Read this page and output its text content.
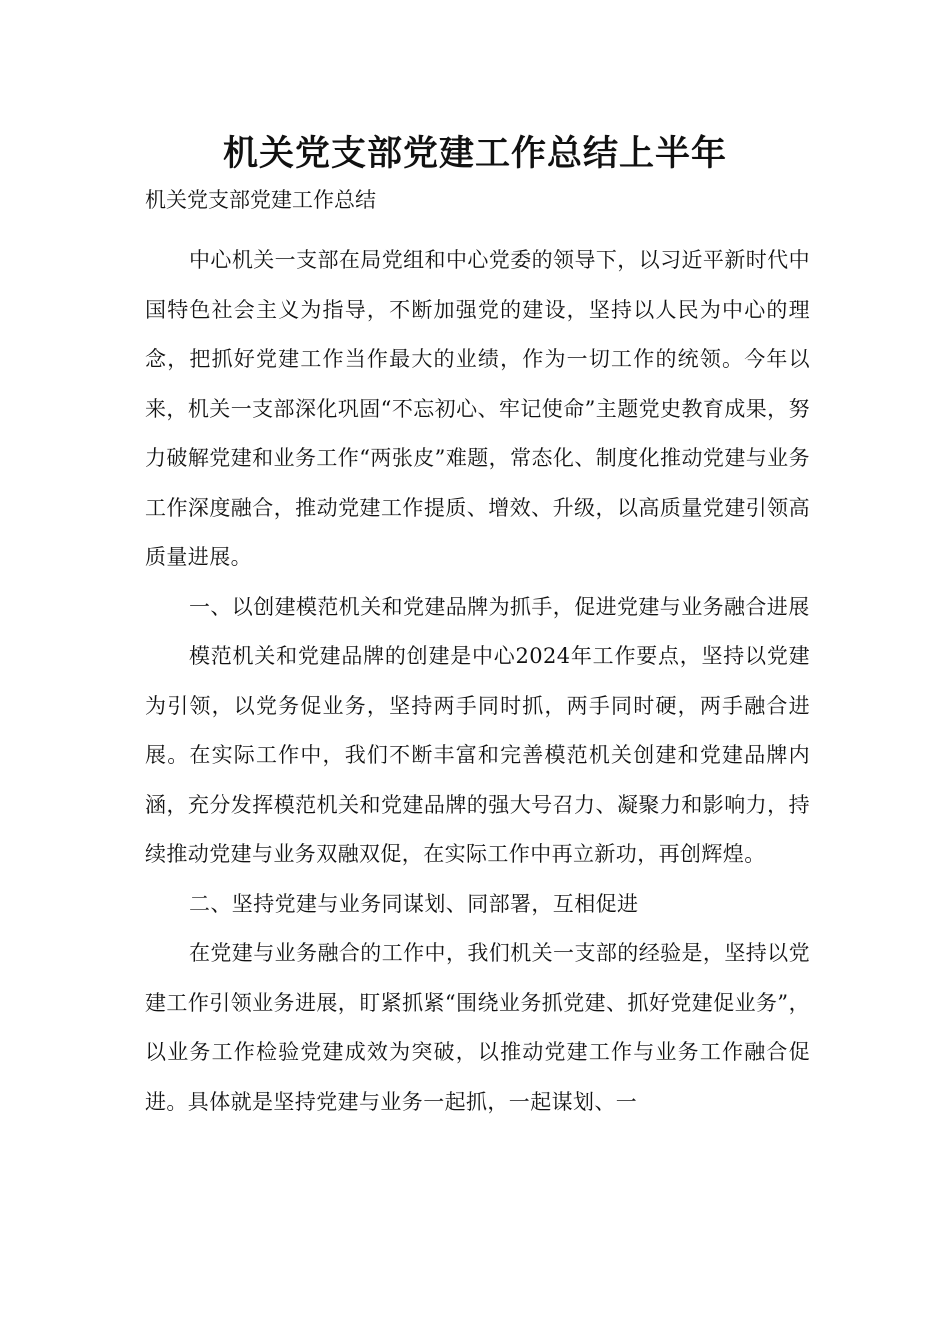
机关党支部党建工作总结上半年

机关党支部党建工作总结

中心机关一支部在局党组和中心党委的领导下，以习近平新时代中国特色社会主义为指导，不断加强党的建设，坚持以人民为中心的理念，把抓好党建工作当作最大的业绩，作为一切工作的统领。今年以来，机关一支部深化巩固“不忘初心、牢记使命”主题党史教育成果，努力破解党建和业务工作“两张皮”难题，常态化、制度化推动党建与业务工作深度融合，推动党建工作提质、增效、升级，以高质量党建引领高质量进展。

一、以创建模范机关和党建品牌为抓手，促进党建与业务融合进展

模范机关和党建品牌的创建是中心2024年工作要点，坚持以党建为引领，以党务促业务，坚持两手同时抓，两手同时硬，两手融合进展。在实际工作中，我们不断丰富和完善模范机关创建和党建品牌内涵，充分发挥模范机关和党建品牌的强大号召力、凝聚力和影响力，持续推动党建与业务双融双促，在实际工作中再立新功，再创辉煌。

二、坚持党建与业务同谋划、同部署，互相促进

在党建与业务融合的工作中，我们机关一支部的经验是，坚持以党建工作引领业务进展，盯紧抓紧“围绕业务抓党建、抓好党建促业务”，以业务工作检验党建成效为突破，以推动党建工作与业务工作融合促进。具体就是坚持党建与业务一起抓，一起谋划、一
